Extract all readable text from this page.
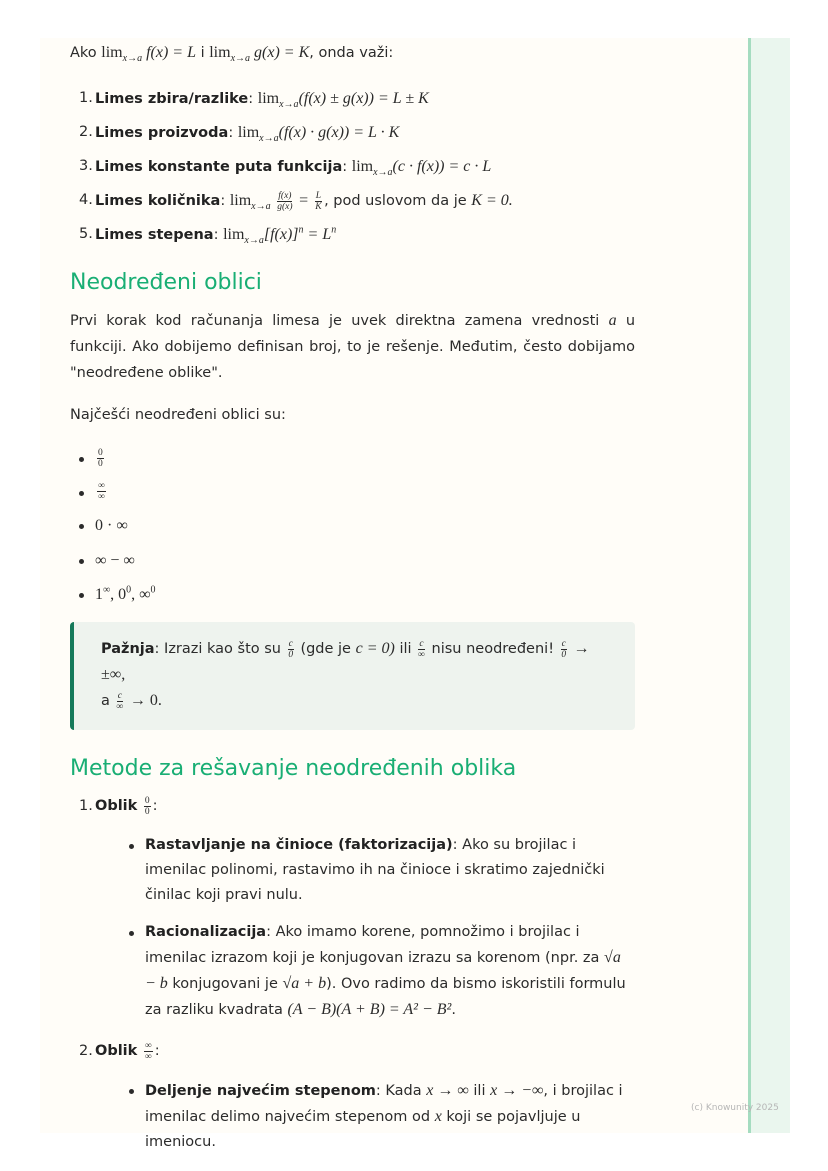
Ako $\lim_{x\to a} f(x) = L$ i $\lim_{x\to a} g(x) = K$, onda važi:

1. Limes zbira/razlike: $\lim_{x\to a}(f(x) \pm g(x)) = L \pm K$
2. Limes proizvoda: $\lim_{x\to a}(f(x) \cdot g(x)) = L \cdot K$
3. Limes konstante puta funkcija: $\lim_{x\to a}(c \cdot f(x)) = c \cdot L$
4. Limes količnika: $\lim_{x\to a} \frac{f(x)}{g(x)} = \frac{L}{K}$ , pod uslovom da je K = 0.
5. Limes stepena: $\lim_{x\to a}[f(x)]^n = L^n$
Neodređeni oblici

Prvi korak kod računanja limesa je uvek direktna zamena vrednosti a u funkciji. Ako dobijemo definisan broj, to je rešenje. Međutim, često dobijamo "neodređene oblike".

Najčešći neodređeni oblici su:

$\frac{0}{0}$
∞
∞
0 · ∞
∞ − ∞
1∞, $0^0$, ∞$^0$
Pažnja: Izrazi kao što su $\frac{c}{0} (gde$ je c = 0) ili c
∞ nisu neodređeni! $\frac{c}{0}$ → ±∞,
a c
∞ → 0.
Metode za rešavanje neodređenih oblika
1. Oblik $\frac{0}{0}$ :
Rastavljanje na činioce (faktorizacija): Ako su brojilac i imenilac polinomi, rastavimo ih na činioce i skratimo zajednički činilac koji pravi nulu.
Racionalizacija: Ako imamo korene, pomnožimo i brojilac i imenilac izrazom koji je konjugovan izrazu sa korenom (npr. za √a − b konjugovani je √a + b). Ovo radimo da bismo iskoristili formulu za razliku kvadrata (A − B)(A + B) = A² − B².
2. Oblik ∞
∞ :
Deljenje najvećim stepenom: Kada x → ∞ ili x → −∞, i brojilac i imenilac delimo najvećim stepenom od x koji se pojavljuje u imeniocu.
(c) Knowunity 2025
